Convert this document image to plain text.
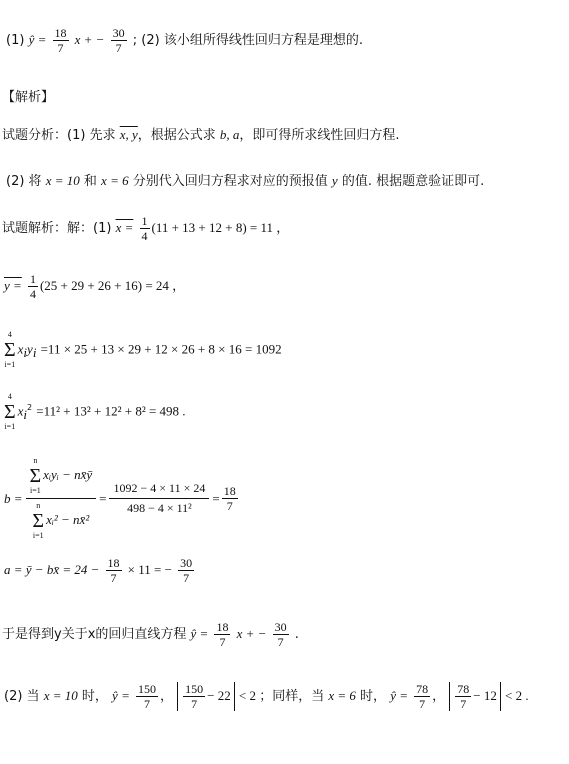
(1) ŷ = $\frac{18}{7}$ x + − $\frac{30}{7}$ ; (2) 该小组所得线性回归方程是理想的.
【解析】
试题分析：(1) 先求 x, y，根据公式求 b, a，即可得所求线性回归方程.
(2) 将 x = 10 和 x = 6 分别代入回归方程求对应的预报值 y 的值. 根据题意验证即可.
试题解析：解：(1) $x = \frac{1}{4} (11 + 13 + 12 + 8) = 11$ ，
$y = \frac{1}{4} (25 + 29 + 26 + 16) = 24$ ，
4
Σ
i=1
$x_iy_i =11 \times 25 + 13 \times 29 + 12 \times 26 + 8 \times 16 = 1092$
4
Σ
i=1
$x_i^2 =11^2 + 13^2 + 12^2 + 8^2 = 498$ .
b = n
Σ
i=1
xᵢyᵢ − nx̄ȳ
n
Σ
i=1
xᵢ² − nx̄² = $\frac{1092 - 4 \times 11 \times 24}{\text{498 − 4 × 11²}} = \frac{18}{7}$
a = ȳ − bx̄ = $24 - \frac{18}{7} \times 11$ = − $\frac{30}{7}$
于是得到y关于x的回归直线方程 ŷ = $\frac{18}{7}$ x + − $\frac{30}{7}$ .
(2) 当 x = 10 时， ŷ = $\frac{150}{7}$ ， $\frac{150}{7} - 22 < 2$ ；同样，当 x = 6 时， ŷ = $\frac{78}{7}$ ， $\frac{78}{7} - 12 < 2$ .
